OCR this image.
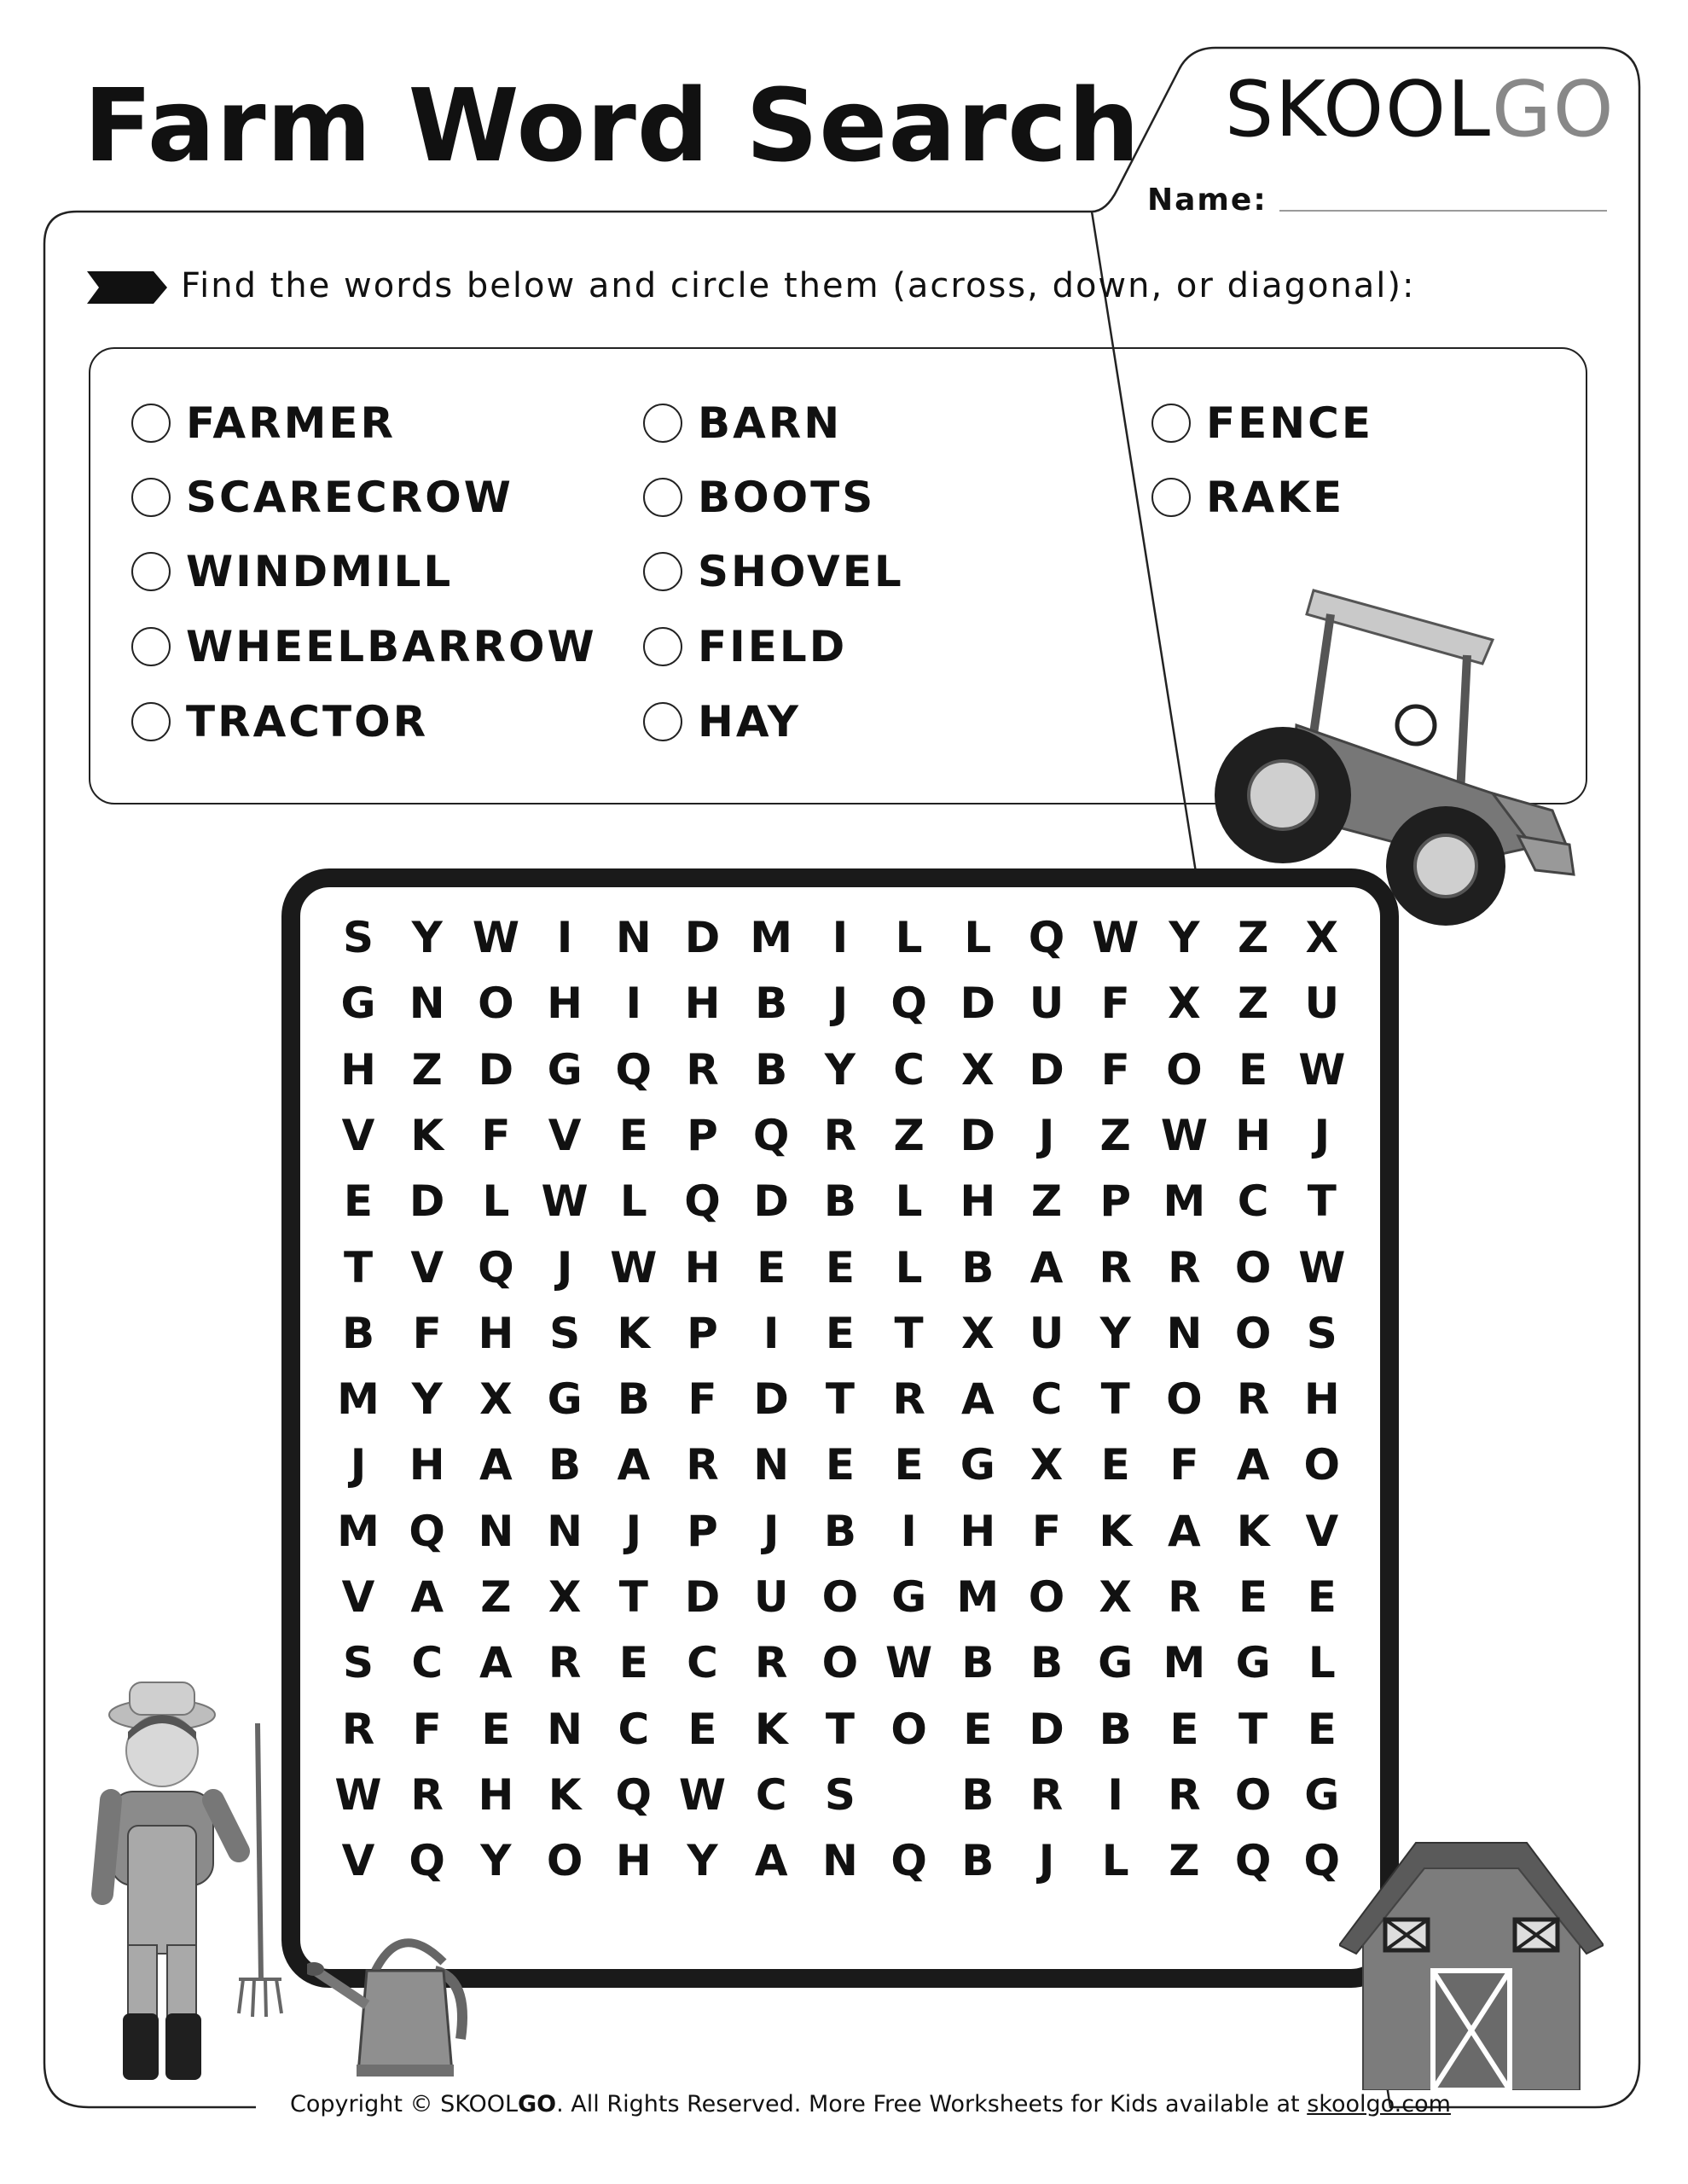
Farm Word Search SKOOLGO
Name:
Find the words below and circle them (across, down, or diagonal):
FARMER
SCARECROW
WINDMILL
WHEELBARROW
TRACTOR
BARN
BOOTS
SHOVEL
FIELD
HAY
FENCE
RAKE
S Y W I	N D M I	L L Q W Y Z X
G N O H	I	H B	J	Q D U F X Z U
H Z D G Q R B Y C X D F O E W
V K F V E P Q R Z D	J	Z W H	J
E D L W L Q D B L H Z P M C T
T V Q	J W H E E L B A R R O W
B F H S K P	I	E T X U Y N O S
M Y X G B F D T R A C T O R H
J	H A B A R N E E G X E F A O
M Q N N	J	P	J	B	I	H F K A K V
V A Z X T D U O G M O X R E E
S C A R E C R O W B B G M G L
R F E N C E K T O E D B E T E
W R H K Q W C S	B R	I	R O G
V Q Y O H Y A N Q B	J	L Z Q Q
Copyright © SKOOLGO. All Rights Reserved. More Free Worksheets for Kids available at skoolgo.com
